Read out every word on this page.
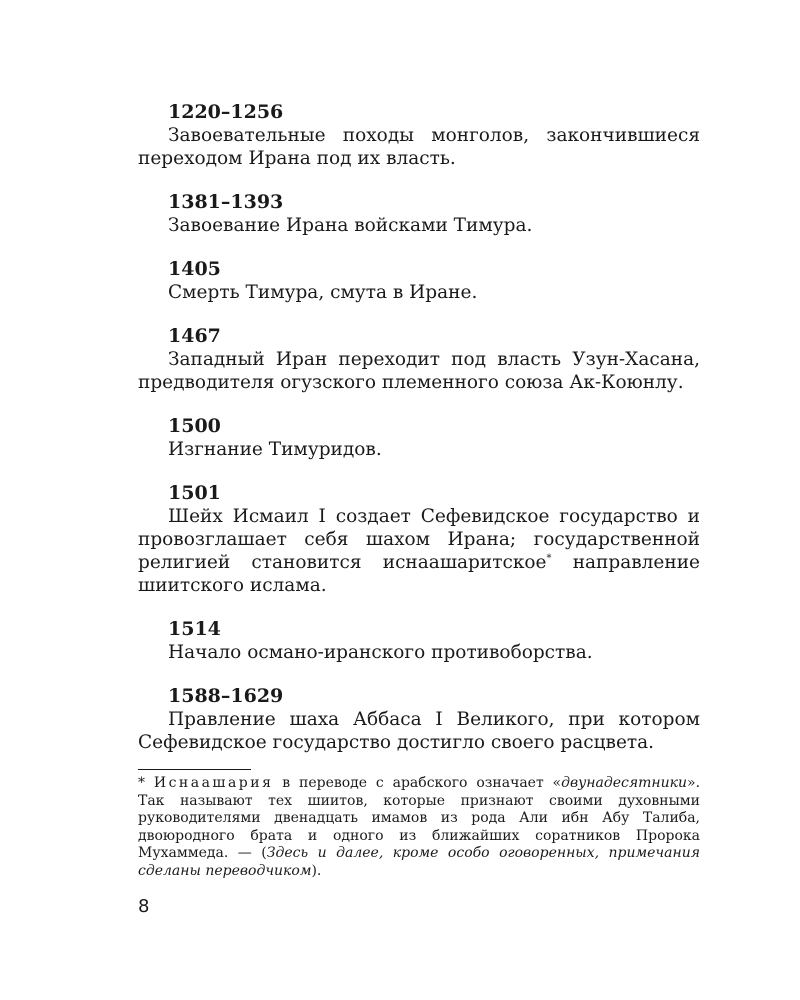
1220–1256

Завоевательные походы монголов, закончившиеся переходом Ирана под их власть.

1381–1393

Завоевание Ирана войсками Тимура.

1405

Смерть Тимура, смута в Иране.

1467

Западный Иран переходит под власть Узун-Хасана, предводителя огузского племенного союза Ак-Коюнлу.

1500

Изгнание Тимуридов.

1501

Шейх Исмаил I создает Сефевидское государство и провозглашает себя шахом Ирана; государственной религией становится иснаашаритское* направление шиитского ислама.

1514

Начало османо-иранского противоборства.

1588–1629

Правление шаха Аббаса I Великого, при котором Сефевидское государство достигло своего расцвета.

* Иснаашария в переводе с арабского означает «двунадесятники». Так называют тех шиитов, которые признают своими духовными руководителями двенадцать имамов из рода Али ибн Абу Талиба, двоюродного брата и одного из ближайших соратников Пророка Мухаммеда. — (Здесь и далее, кроме особо оговоренных, примечания сделаны переводчиком).

8
